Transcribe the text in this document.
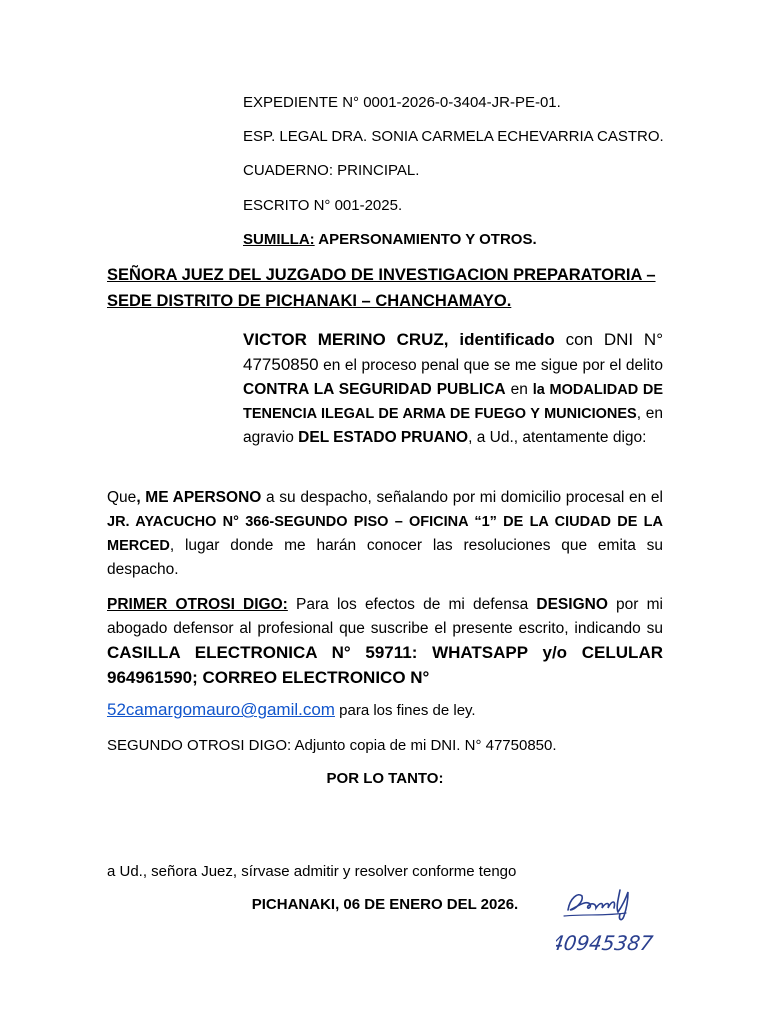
EXPEDIENTE N° 0001-2026-0-3404-JR-PE-01.
ESP. LEGAL DRA. SONIA CARMELA ECHEVARRIA CASTRO.
CUADERNO: PRINCIPAL.
ESCRITO N° 001-2025.
SUMILLA: APERSONAMIENTO Y OTROS.
SEÑORA JUEZ DEL JUZGADO DE INVESTIGACION PREPARATORIA –
SEDE DISTRITO DE PICHANAKI – CHANCHAMAYO.
VICTOR MERINO CRUZ, identificado con DNI N° 47750850 en el proceso penal que se me sigue por el delito CONTRA LA SEGURIDAD PUBLICA en la MODALIDAD DE TENENCIA ILEGAL DE ARMA DE FUEGO Y MUNICIONES, en agravio DEL ESTADO PRUANO, a Ud., atentamente digo:
Que, ME APERSONO a su despacho, señalando por mi domicilio procesal en el JR. AYACUCHO N° 366-SEGUNDO PISO – OFICINA “1” DE LA CIUDAD DE LA MERCED, lugar donde me harán conocer las resoluciones que emita su despacho.
PRIMER OTROSI DIGO: Para los efectos de mi defensa DESIGNO por mi abogado defensor al profesional que suscribe el presente escrito, indicando su CASILLA ELECTRONICA N° 59711: WHATSAPP y/o CELULAR 964961590; CORREO ELECTRONICO N°
52camargomauro@gamil.com para los fines de ley.
SEGUNDO OTROSI DIGO: Adjunto copia de mi DNI. N° 47750850.
POR LO TANTO:
a Ud., señora Juez, sírvase admitir y resolver conforme tengo
PICHANAKI, 06 DE ENERO DEL 2026.
40945387
